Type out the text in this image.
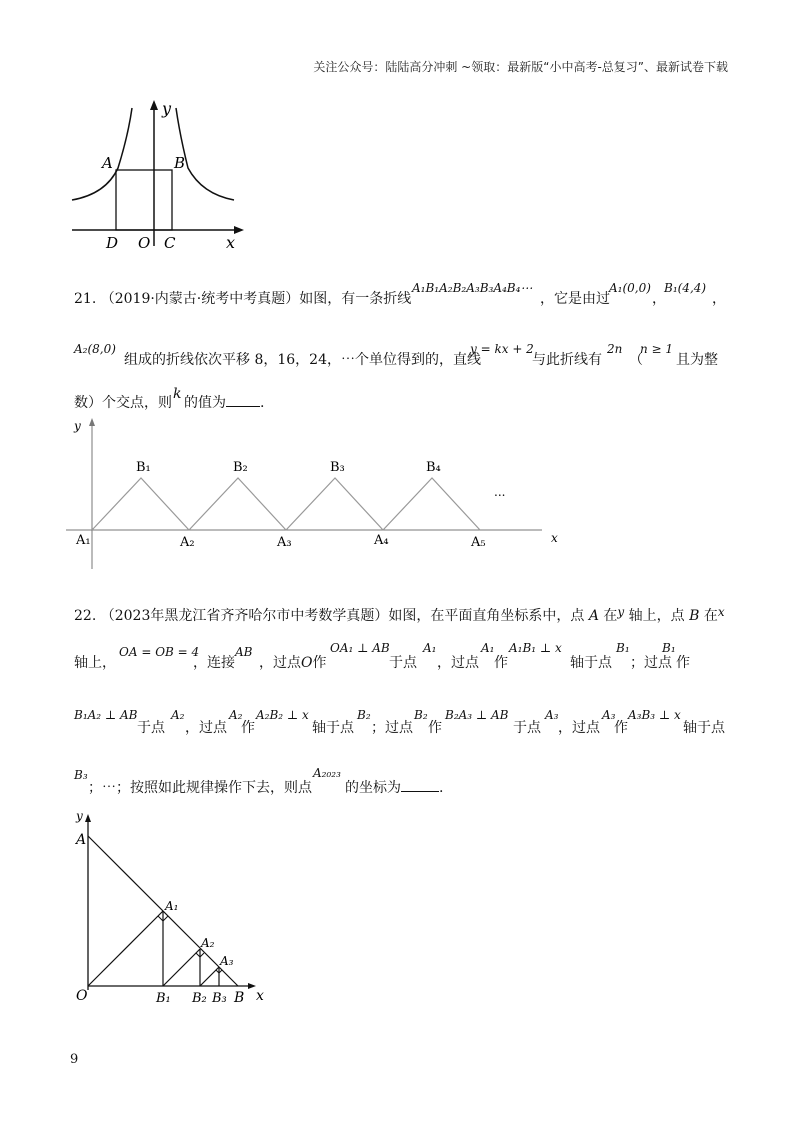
关注公众号：陆陆高分冲刺 ~领取：最新版“小中高考-总复习”、最新试卷下载
y
x
A	B
D O C
21. （2019·内蒙古·统考中考真题）如图，有一条折线
A₁B₁A₂B₂A₃B₃A₄B₄⋯
，它是由过
A₁(0,0)
，
B₁(4,4)
，
A₂(8,0)
组成的折线依次平移 8，16，24，⋯个单位得到的，直线
y = kx + 2
与此折线有
2n
（
n ≥ 1
且为整
数）个交点，则
k
的值为 .
y
x
...
B₁	B₂	B₃	B₄
A₁	A₂	A₃	A₄	A₅
22. （2023年黑龙江省齐齐哈尔市中考数学真题）如图，在平面直角坐标系中，点 A 在y 轴上，点 B 在x
轴上，
OA = OB = 4
，连接
AB
，过点O作
OA₁ ⊥ AB
于点
A₁
，过点
A₁ A₁B₁ ⊥ x
作	轴于点
B₁
；过点
B₁
作
B₁A₂ ⊥ AB
于点
A₂
，过点
A₂
作
A₂B₂ ⊥ x
轴于点
B₂
；过点
B₂
作
B₂A₃ ⊥ AB
于点
A₃
，过点
A₃
作
A₃B₃ ⊥ x
轴于点
B₃
；⋯；按照如此规律操作下去，则点
A₂₀₂₃
的坐标为	.
y
x
A
O
A₁
A₂
A₃
B₁ B₂ B₃ B
9
